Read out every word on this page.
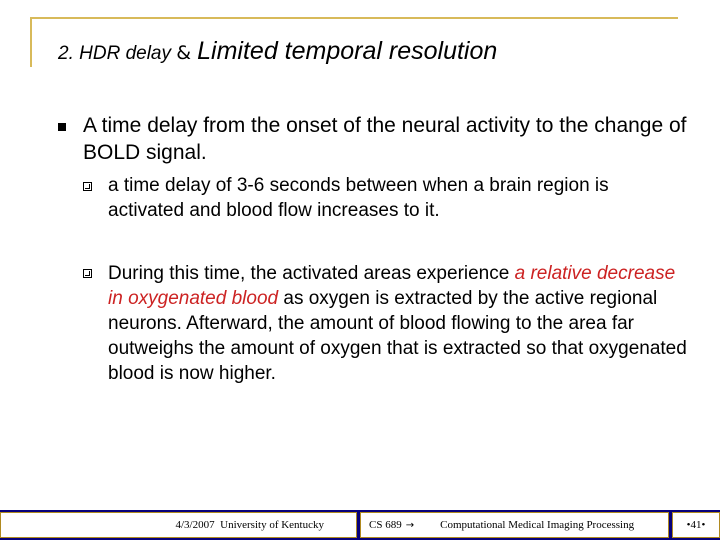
2. HDR delay & Limited temporal resolution
A time delay from the onset of the neural activity to the change of BOLD signal.
a time delay of 3-6 seconds between when a brain region is activated and blood flow increases to it.
During this time, the activated areas experience a relative decrease in oxygenated blood as oxygen is extracted by the active regional neurons. Afterward, the amount of blood flowing to the area far outweighs the amount of oxygen that is extracted so that oxygenated blood is now higher.
4/3/2007
University of Kentucky	CS 689 → Computational Medical Imaging Processing	• 41 •
